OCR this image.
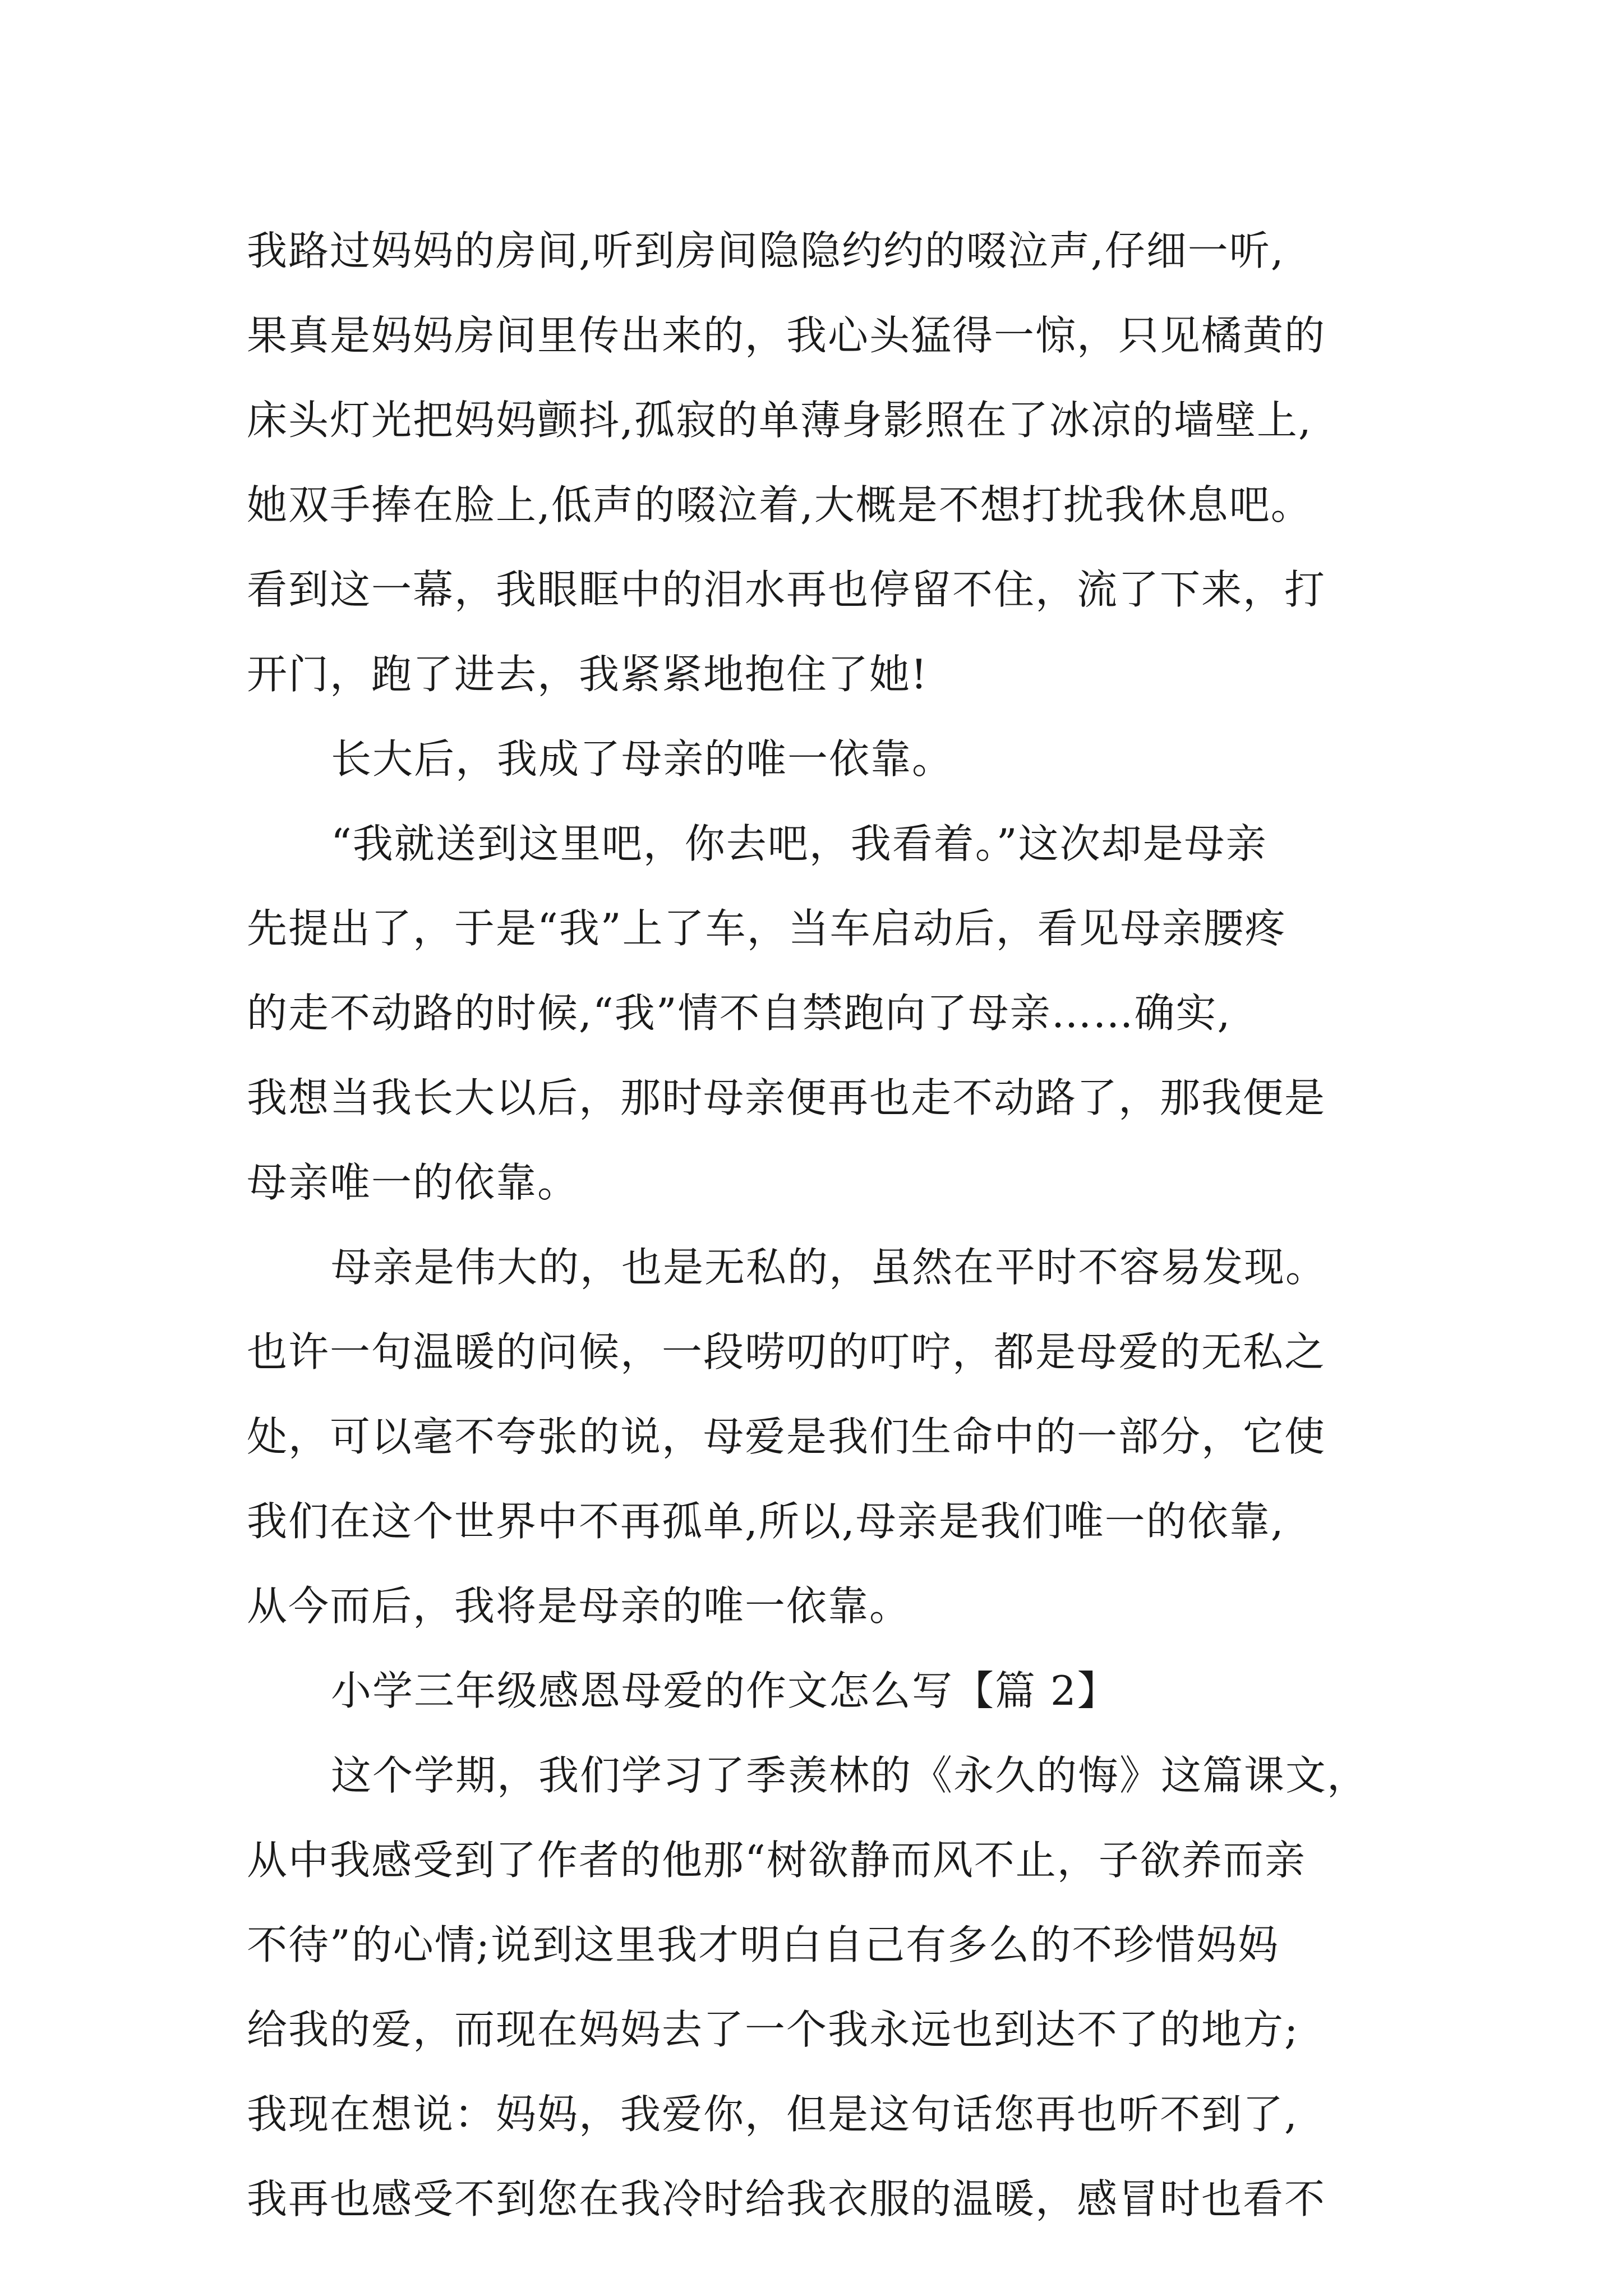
我路过妈妈的房间,听到房间隐隐约约的啜泣声,仔细一听,
果真是妈妈房间里传出来的，我心头猛得一惊，只见橘黄的
床头灯光把妈妈颤抖,孤寂的单薄身影照在了冰凉的墙壁上,
她双手捧在脸上,低声的啜泣着,大概是不想打扰我休息吧。
看到这一幕，我眼眶中的泪水再也停留不住，流了下来，打
开门，跑了进去，我紧紧地抱住了她!
长大后，我成了母亲的唯一依靠。
“我就送到这里吧，你去吧，我看着。”这次却是母亲
先提出了，于是“我”上了车，当车启动后，看见母亲腰疼
的走不动路的时候,“我”情不自禁跑向了母亲……确实,
我想当我长大以后，那时母亲便再也走不动路了，那我便是
母亲唯一的依靠。
母亲是伟大的，也是无私的，虽然在平时不容易发现。
也许一句温暖的问候，一段唠叨的叮咛，都是母爱的无私之
处，可以毫不夸张的说，母爱是我们生命中的一部分，它使
我们在这个世界中不再孤单,所以,母亲是我们唯一的依靠,
从今而后，我将是母亲的唯一依靠。
小学三年级感恩母爱的作文怎么写【篇 2】
这个学期，我们学习了季羡林的《永久的悔》这篇课文，
从中我感受到了作者的他那“树欲静而风不止，子欲养而亲
不待”的心情;说到这里我才明白自己有多么的不珍惜妈妈
给我的爱，而现在妈妈去了一个我永远也到达不了的地方;
我现在想说：妈妈，我爱你，但是这句话您再也听不到了,
我再也感受不到您在我冷时给我衣服的温暖，感冒时也看不
